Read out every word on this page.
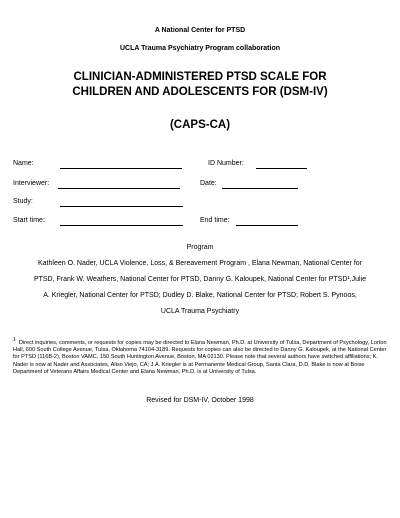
A National Center for PTSD
UCLA Trauma Psychiatry Program collaboration
CLINICIAN-ADMINISTERED PTSD SCALE FOR
CHILDREN AND ADOLESCENTS FOR (DSM-IV)
(CAPS-CA)
Name:	ID Number:
Interviewer:	Date:
Study:
Start time:	End time:
Program
Kathleen O. Nader, UCLA Violence, Loss, & Bereavement Program , Elana Newman, National Center for
PTSD, Frank W. Weathers, National Center for PTSD, Danny G. Kaloupek, National Center for PTSD¹,Julie
A. Kriegler, National Center for PTSD; Dudley D. Blake, National Center for PTSD; Robert S. Pynoos,
UCLA Trauma Psychiatry
$^1$ Direct inquiries, comments, or requests for copies may be directed to Elana Newman, Ph.D. at University of Tulsa, Department of Psychology, Lorton Hall, 600 South College Avenue, Tulsa, Oklahoma 74104-3189. Requests for copies can also be directed to Danny G. Kaloupek, at the National Center for PTSD (116B-2), Boston VAMC, 150 South Huntington Avenue, Boston, MA 02130. Please note that several authors have switched affiliations; K. Nader is now at Nader and Associates, Aliso Viejo, CA; J.A. Kriegler is at Permanente Medical Group, Santa Clara, D.D. Blake is now at Boise Department of Veterans Affairs Medical Center and Elana Newman, Ph.D. is at University of Tulsa.
Revised for DSM-IV, October 1998
